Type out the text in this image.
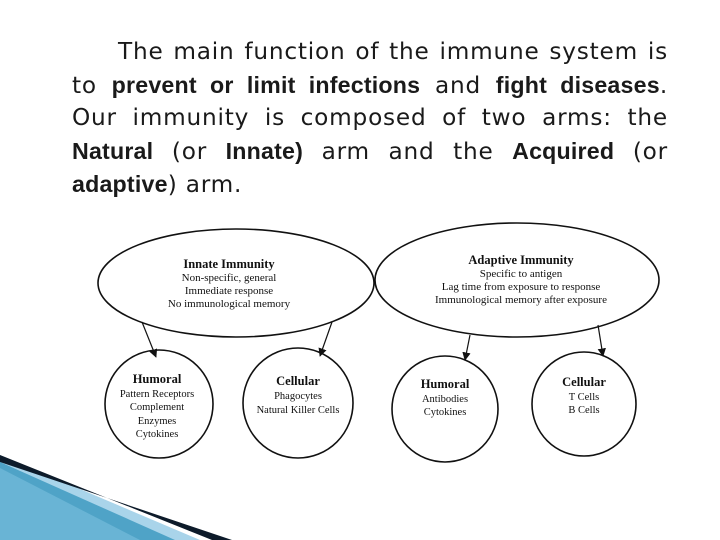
The main function of the immune system is to prevent or limit infections and fight diseases. Our immunity is composed of two arms: the Natural (or Innate) arm and the Acquired (or adaptive) arm.

Innate Immunity
Non-specific, general
Immediate response
No immunological memory
Adaptive Immunity
Specific to antigen
Lag time from exposure to response
Immunological memory after exposure
Humoral
Pattern Receptors
Complement
Enzymes
Cytokines
Cellular
Phagocytes
Natural Killer Cells
Humoral
Antibodies
Cytokines
Cellular
T Cells
B Cells
